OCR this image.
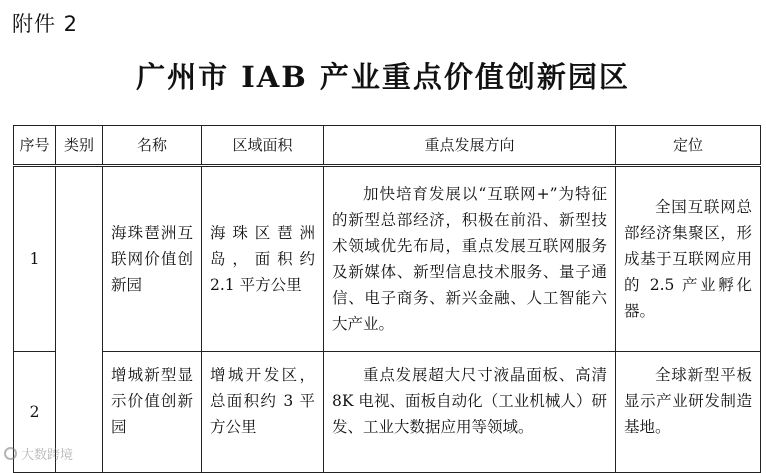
附件 2
广州市 IAB 产业重点价值创新园区
序号	类别	名称	区域面积	重点发展方向	定位
1		海珠琶洲互联网价值创新园	海珠区琶洲岛，面积约 2.1 平方公里	加快培育发展以“互联网+”为特征的新型总部经济，积极在前沿、新型技术领域优先布局，重点发展互联网服务及新媒体、新型信息技术服务、量子通信、电子商务、新兴金融、人工智能六大产业。	全国互联网总部经济集聚区，形成基于互联网应用的 2.5 产业孵化器。
2		增城新型显示价值创新园	增城开发区，总面积约 3 平方公里	重点发展超大尺寸液晶面板、高清 8K 电视、面板自动化（工业机械人）研发、工业大数据应用等领域。	全球新型平板显示产业研发制造基地。
大数跨境
